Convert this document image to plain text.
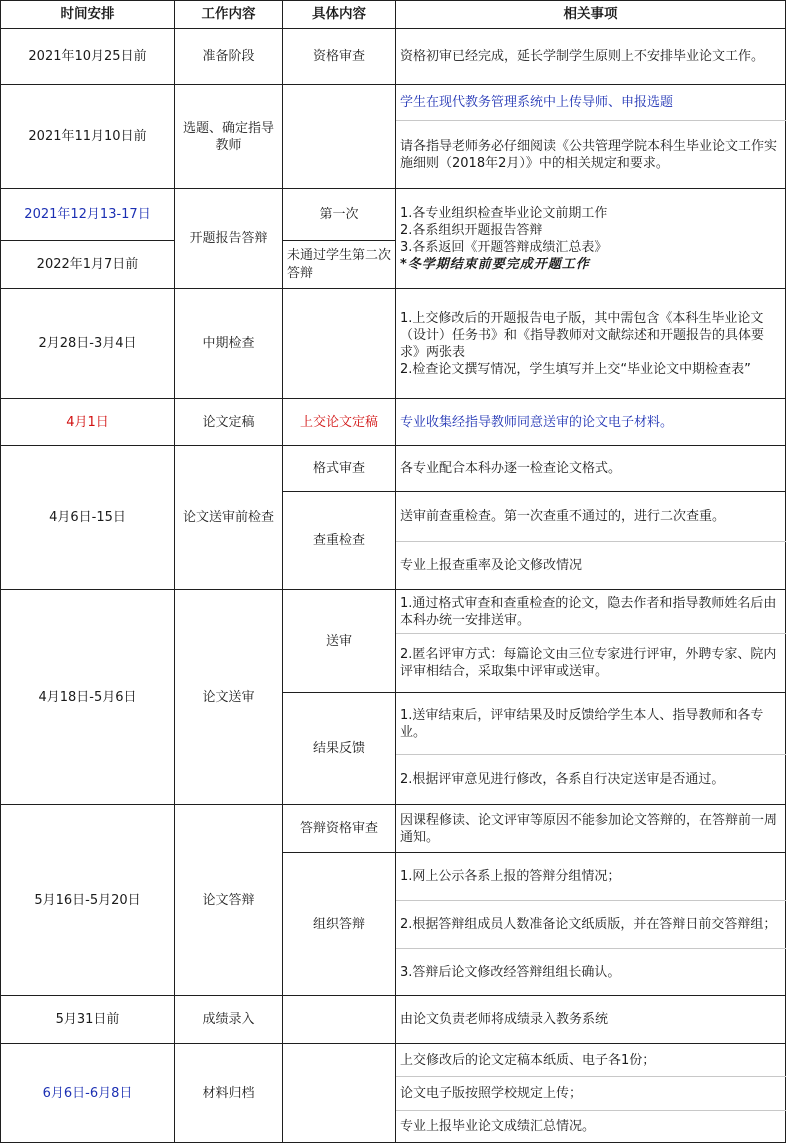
时间安排	工作内容	具体内容	相关事项
2021年10月25日前	准备阶段	资格审查	资格初审已经完成，延长学制学生原则上不安排毕业论文工作。
2021年11月10日前	选题、确定指导教师		学生在现代教务管理系统中上传导师、申报选题
			请各指导老师务必仔细阅读《公共管理学院本科生毕业论文工作实施细则（2018年2月）》中的相关规定和要求。
2021年12月13-17日	开题报告答辩	第一次	1.各专业组织检查毕业论文前期工作
2.各系组织开题报告答辩
3.各系返回《开题答辩成绩汇总表》
*冬学期结束前要完成开题工作

2022年1月7日前		未通过学生第二次答辩	
2月28日-3月4日	中期检查		1.上交修改后的开题报告电子版，其中需包含《本科生毕业论文（设计）任务书》和《指导教师对文献综述和开题报告的具体要求》两张表
2.检查论文撰写情况，学生填写并上交“毕业论文中期检查表”

4月1日	论文定稿	上交论文定稿	专业收集经指导教师同意送审的论文电子材料。
4月6日-15日	论文送审前检查	格式审查	各专业配合本科办逐一检查论文格式。
		查重检查	送审前查重检查。第一次查重不通过的，进行二次查重。
			专业上报查重率及论文修改情况
4月18日-5月6日	论文送审	送审	1.通过格式审查和查重检查的论文，隐去作者和指导教师姓名后由本科办统一安排送审。
			2.匿名评审方式：每篇论文由三位专家进行评审，外聘专家、院内评审相结合，采取集中评审或送审。
		结果反馈	1.送审结束后，评审结果及时反馈给学生本人、指导教师和各专业。
			2.根据评审意见进行修改，各系自行决定送审是否通过。
5月16日-5月20日	论文答辩	答辩资格审查	因课程修读、论文评审等原因不能参加论文答辩的，在答辩前一周通知。
		组织答辩	1.网上公示各系上报的答辩分组情况；
			2.根据答辩组成员人数准备论文纸质版，并在答辩日前交答辩组；
			3.答辩后论文修改经答辩组组长确认。
5月31日前	成绩录入		由论文负责老师将成绩录入教务系统
6月6日-6月8日	材料归档		上交修改后的论文定稿本纸质、电子各1份；
			论文电子版按照学校规定上传；
			专业上报毕业论文成绩汇总情况。
